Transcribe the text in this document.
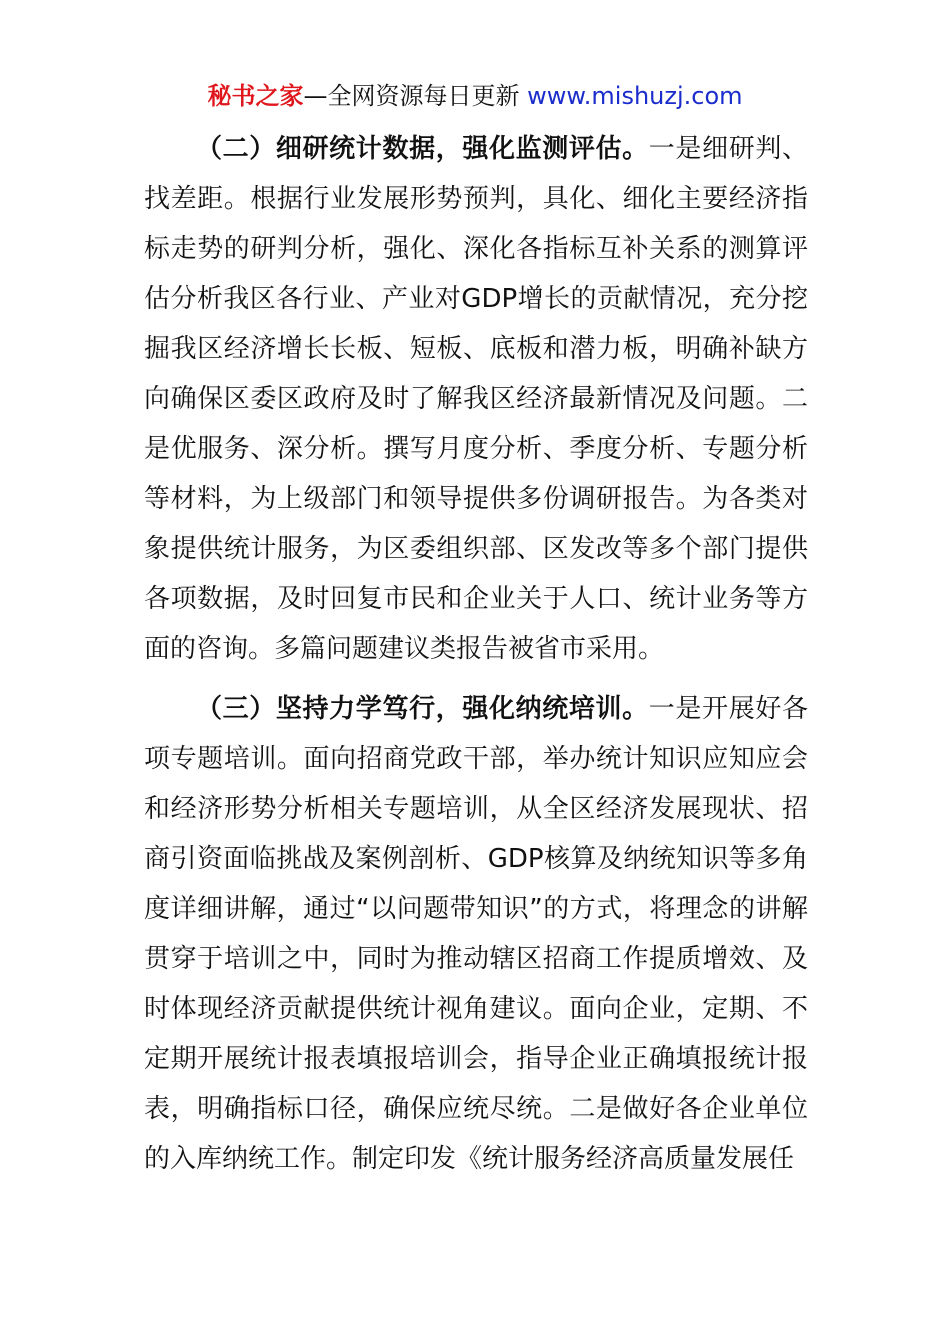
秘书之家—全网资源每日更新 www.mishuzj.com

（二）细研统计数据，强化监测评估。一是细研判、找差距。根据行业发展形势预判，具化、细化主要经济指标走势的研判分析，强化、深化各指标互补关系的测算评估分析我区各行业、产业对GDP增长的贡献情况，充分挖掘我区经济增长长板、短板、底板和潜力板，明确补缺方向确保区委区政府及时了解我区经济最新情况及问题。二是优服务、深分析。撰写月度分析、季度分析、专题分析等材料，为上级部门和领导提供多份调研报告。为各类对象提供统计服务，为区委组织部、区发改等多个部门提供各项数据，及时回复市民和企业关于人口、统计业务等方面的咨询。多篇问题建议类报告被省市采用。

（三）坚持力学笃行，强化纳统培训。一是开展好各项专题培训。面向招商党政干部，举办统计知识应知应会和经济形势分析相关专题培训，从全区经济发展现状、招商引资面临挑战及案例剖析、GDP核算及纳统知识等多角度详细讲解，通过“以问题带知识”的方式，将理念的讲解贯穿于培训之中，同时为推动辖区招商工作提质增效、及时体现经济贡献提供统计视角建议。面向企业，定期、不定期开展统计报表填报培训会，指导企业正确填报统计报表，明确指标口径，确保应统尽统。二是做好各企业单位的入库纳统工作。制定印发《统计服务经济高质量发展任
